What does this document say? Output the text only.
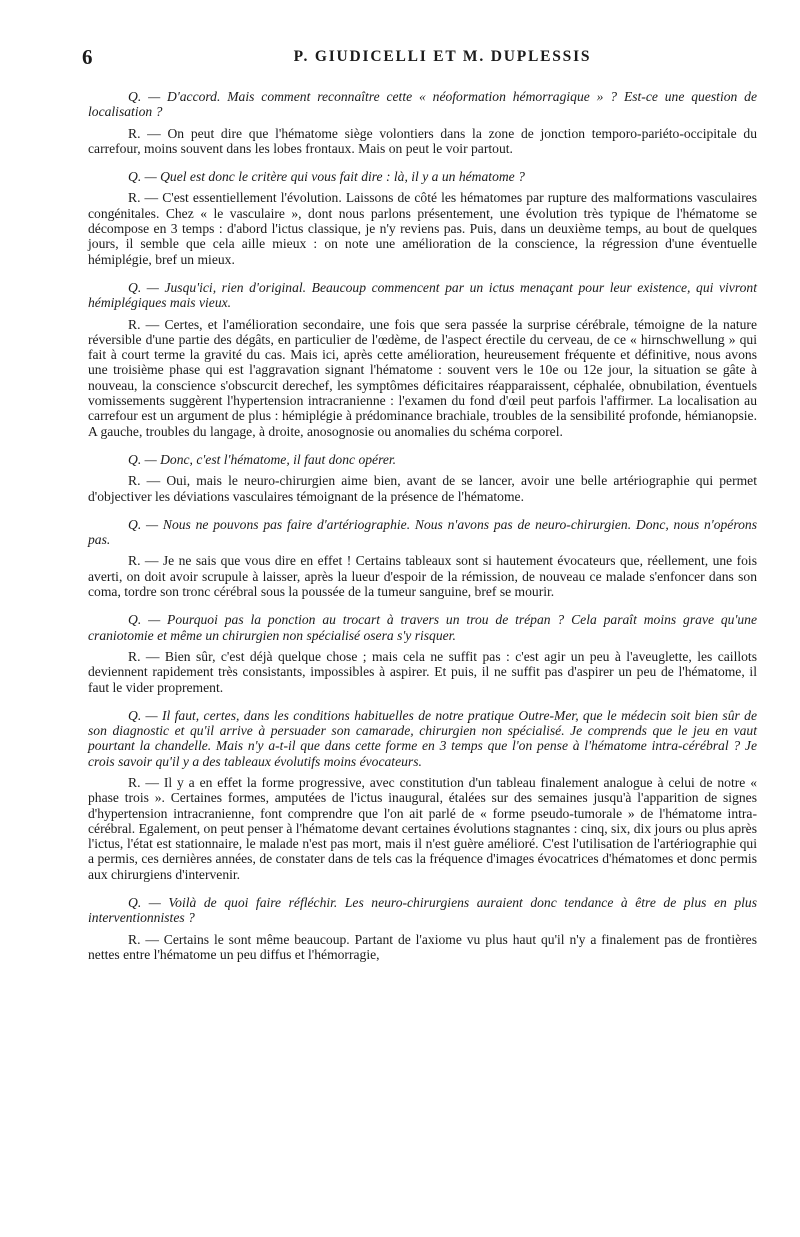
6	P. GIUDICELLI ET M. DUPLESSIS

Q. — D'accord. Mais comment reconnaître cette « néoformation hémorragique » ? Est-ce une question de localisation ?

R. — On peut dire que l'hématome siège volontiers dans la zone de jonction temporo-pariéto-occipitale du carrefour, moins souvent dans les lobes frontaux. Mais on peut le voir partout.

Q. — Quel est donc le critère qui vous fait dire : là, il y a un hématome ?

R. — C'est essentiellement l'évolution. Laissons de côté les hématomes par rupture des malformations vasculaires congénitales. Chez « le vasculaire », dont nous parlons présentement, une évolution très typique de l'hématome se décompose en 3 temps : d'abord l'ictus classique, je n'y reviens pas. Puis, dans un deuxième temps, au bout de quelques jours, il semble que cela aille mieux : on note une amélioration de la conscience, la régression d'une éventuelle hémiplégie, bref un mieux.

Q. — Jusqu'ici, rien d'original. Beaucoup commencent par un ictus menaçant pour leur existence, qui vivront hémiplégiques mais vieux.

R. — Certes, et l'amélioration secondaire, une fois que sera passée la surprise cérébrale, témoigne de la nature réversible d'une partie des dégâts, en particulier de l'œdème, de l'aspect érectile du cerveau, de ce « hirnschwellung » qui fait à court terme la gravité du cas. Mais ici, après cette amélioration, heureusement fréquente et définitive, nous avons une troisième phase qui est l'aggravation signant l'hématome : souvent vers le 10e ou 12e jour, la situation se gâte à nouveau, la conscience s'obscurcit derechef, les symptômes déficitaires réapparaissent, céphalée, obnubilation, éventuels vomissements suggèrent l'hypertension intracranienne : l'examen du fond d'œil peut parfois l'affirmer. La localisation au carrefour est un argument de plus : hémiplégie à prédominance brachiale, troubles de la sensibilité profonde, hémianopsie. A gauche, troubles du langage, à droite, anosognosie ou anomalies du schéma corporel.

Q. — Donc, c'est l'hématome, il faut donc opérer.

R. — Oui, mais le neuro-chirurgien aime bien, avant de se lancer, avoir une belle artériographie qui permet d'objectiver les déviations vasculaires témoignant de la présence de l'hématome.

Q. — Nous ne pouvons pas faire d'artériographie. Nous n'avons pas de neuro-chirurgien. Donc, nous n'opérons pas.

R. — Je ne sais que vous dire en effet ! Certains tableaux sont si hautement évocateurs que, réellement, une fois averti, on doit avoir scrupule à laisser, après la lueur d'espoir de la rémission, de nouveau ce malade s'enfoncer dans son coma, tordre son tronc cérébral sous la poussée de la tumeur sanguine, bref se mourir.

Q. — Pourquoi pas la ponction au trocart à travers un trou de trépan ? Cela paraît moins grave qu'une craniotomie et même un chirurgien non spécialisé osera s'y risquer.

R. — Bien sûr, c'est déjà quelque chose ; mais cela ne suffit pas : c'est agir un peu à l'aveuglette, les caillots deviennent rapidement très consistants, impossibles à aspirer. Et puis, il ne suffit pas d'aspirer un peu de l'hématome, il faut le vider proprement.

Q. — Il faut, certes, dans les conditions habituelles de notre pratique Outre-Mer, que le médecin soit bien sûr de son diagnostic et qu'il arrive à persuader son camarade, chirurgien non spécialisé. Je comprends que le jeu en vaut pourtant la chandelle. Mais n'y a-t-il que dans cette forme en 3 temps que l'on pense à l'hématome intra-cérébral ? Je crois savoir qu'il y a des tableaux évolutifs moins évocateurs.

R. — Il y a en effet la forme progressive, avec constitution d'un tableau finalement analogue à celui de notre « phase trois ». Certaines formes, amputées de l'ictus inaugural, étalées sur des semaines jusqu'à l'apparition de signes d'hypertension intracranienne, font comprendre que l'on ait parlé de « forme pseudo-tumorale » de l'hématome intra-cérébral. Egalement, on peut penser à l'hématome devant certaines évolutions stagnantes : cinq, six, dix jours ou plus après l'ictus, l'état est stationnaire, le malade n'est pas mort, mais il n'est guère amélioré. C'est l'utilisation de l'artériographie qui a permis, ces dernières années, de constater dans de tels cas la fréquence d'images évocatrices d'hématomes et donc permis aux chirurgiens d'intervenir.

Q. — Voilà de quoi faire réfléchir. Les neuro-chirurgiens auraient donc tendance à être de plus en plus interventionnistes ?

R. — Certains le sont même beaucoup. Partant de l'axiome vu plus haut qu'il n'y a finalement pas de frontières nettes entre l'hématome un peu diffus et l'hémorragie,
